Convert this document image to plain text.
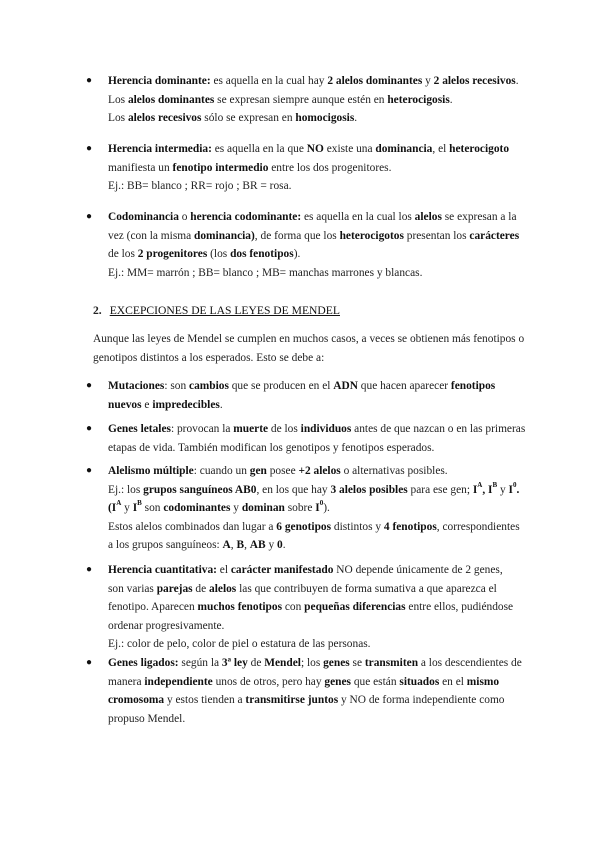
●	Herencia dominante: es aquella en la cual hay 2 alelos dominantes y 2 alelos recesivos.
Los alelos dominantes se expresan siempre aunque estén en heterocigosis.
Los alelos recesivos sólo se expresan en homocigosis.

●	Herencia intermedia: es aquella en la que NO existe una dominancia, el heterocigoto
manifiesta un fenotipo intermedio entre los dos progenitores.
Ej.: BB= blanco ; RR= rojo ; BR = rosa.

●	Codominancia o herencia codominante: es aquella en la cual los alelos se expresan a la
vez (con la misma dominancia), de forma que los heterocigotos presentan los carácteres
de los 2 progenitores (los dos fenotipos).
Ej.: MM= marrón ; BB= blanco ; MB= manchas marrones y blancas.

2. EXCEPCIONES DE LAS LEYES DE MENDEL

Aunque las leyes de Mendel se cumplen en muchos casos, a veces se obtienen más fenotipos o
genotipos distintos a los esperados. Esto se debe a:

●	Mutaciones: son cambios que se producen en el ADN que hacen aparecer fenotipos
nuevos e impredecibles.

●	Genes letales: provocan la muerte de los individuos antes de que nazcan o en las primeras
etapas de vida. También modifican los genotipos y fenotipos esperados.

●	Alelismo múltiple: cuando un gen posee +2 alelos o alternativas posibles.
Ej.: los grupos sanguíneos AB0, en los que hay 3 alelos posibles para ese gen; $I^A$, $I^B$ y $I^0$.
($I^A$ y $I^B$ son codominantes y dominan sobre $I^0$).
Estos alelos combinados dan lugar a 6 genotipos distintos y 4 fenotipos, correspondientes
a los grupos sanguíneos: A, B, AB y 0.

●	Herencia cuantitativa: el carácter manifestado NO depende únicamente de 2 genes,
son varias parejas de alelos las que contribuyen de forma sumativa a que aparezca el
fenotipo. Aparecen muchos fenotipos con pequeñas diferencias entre ellos, pudiéndose
ordenar progresivamente.
Ej.: color de pelo, color de piel o estatura de las personas.

●	Genes ligados: según la 3ª ley de Mendel; los genes se transmiten a los descendientes de
manera independiente unos de otros, pero hay genes que están situados en el mismo
cromosoma y estos tienden a transmitirse juntos y NO de forma independiente como
propuso Mendel.
